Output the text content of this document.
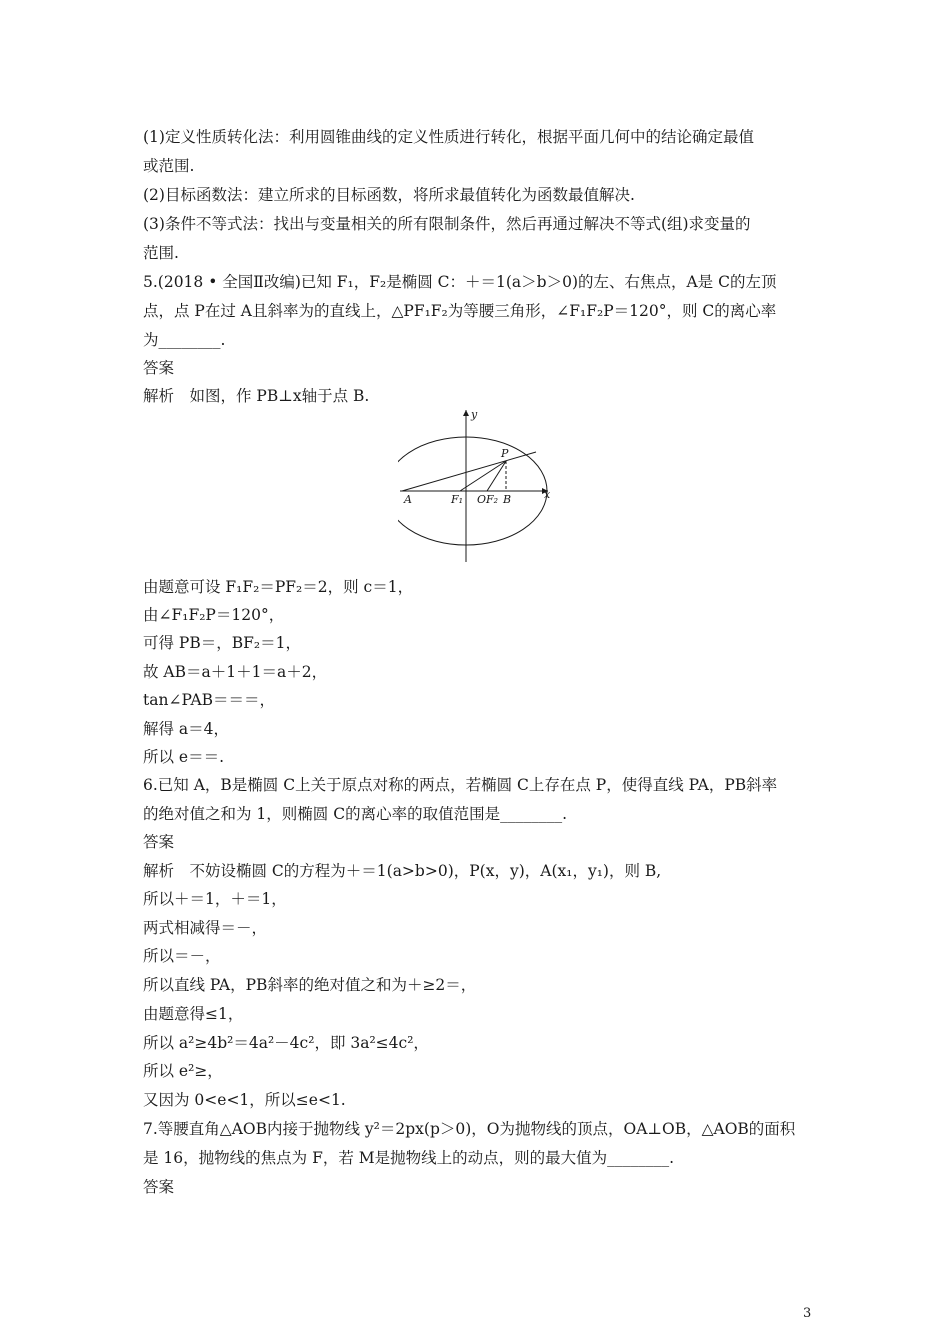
(1)定义性质转化法：利用圆锥曲线的定义性质进行转化，根据平面几何中的结论确定最值
或范围.
(2)目标函数法：建立所求的目标函数，将所求最值转化为函数最值解决.
(3)条件不等式法：找出与变量相关的所有限制条件，然后再通过解决不等式(组)求变量的
范围.
5.(2018 • 全国Ⅱ改编)已知 F₁，F₂是椭圆 C：＋＝1(a＞b＞0)的左、右焦点，A是 C的左顶
点，点 P在过 A且斜率为的直线上，△PF₁F₂为等腰三角形，∠F₁F₂P＝120°，则 C的离心率
为________.
答案
解析　如图，作 PB⊥x轴于点 B.
y
x
P
A	F₁ O F₂ B
由题意可设 F₁F₂＝PF₂＝2，则 c＝1，
由∠F₁F₂P＝120°，
可得 PB＝，BF₂＝1，
故 AB＝a＋1＋1＝a＋2，
tan∠PAB＝＝＝，
解得 a＝4，
所以 e＝＝.
6.已知 A，B是椭圆 C上关于原点对称的两点，若椭圆 C上存在点 P，使得直线 PA，PB斜率
的绝对值之和为 1，则椭圆 C的离心率的取值范围是________.
答案
解析　不妨设椭圆 C的方程为＋＝1(a>b>0)，P(x，y)，A(x₁，y₁)，则 B,
所以＋＝1，＋＝1，
两式相减得＝－，
所以＝－，
所以直线 PA，PB斜率的绝对值之和为＋≥2＝，
由题意得≤1，
所以 a²≥4b²＝4a²－4c²，即 3a²≤4c²，
所以 e²≥，
又因为 0<e<1，所以≤e<1.
7.等腰直角△AOB内接于抛物线 y²＝2px(p＞0)，O为抛物线的顶点，OA⊥OB，△AOB的面积
是 16，抛物线的焦点为 F，若 M是抛物线上的动点，则的最大值为________.
答案
3
